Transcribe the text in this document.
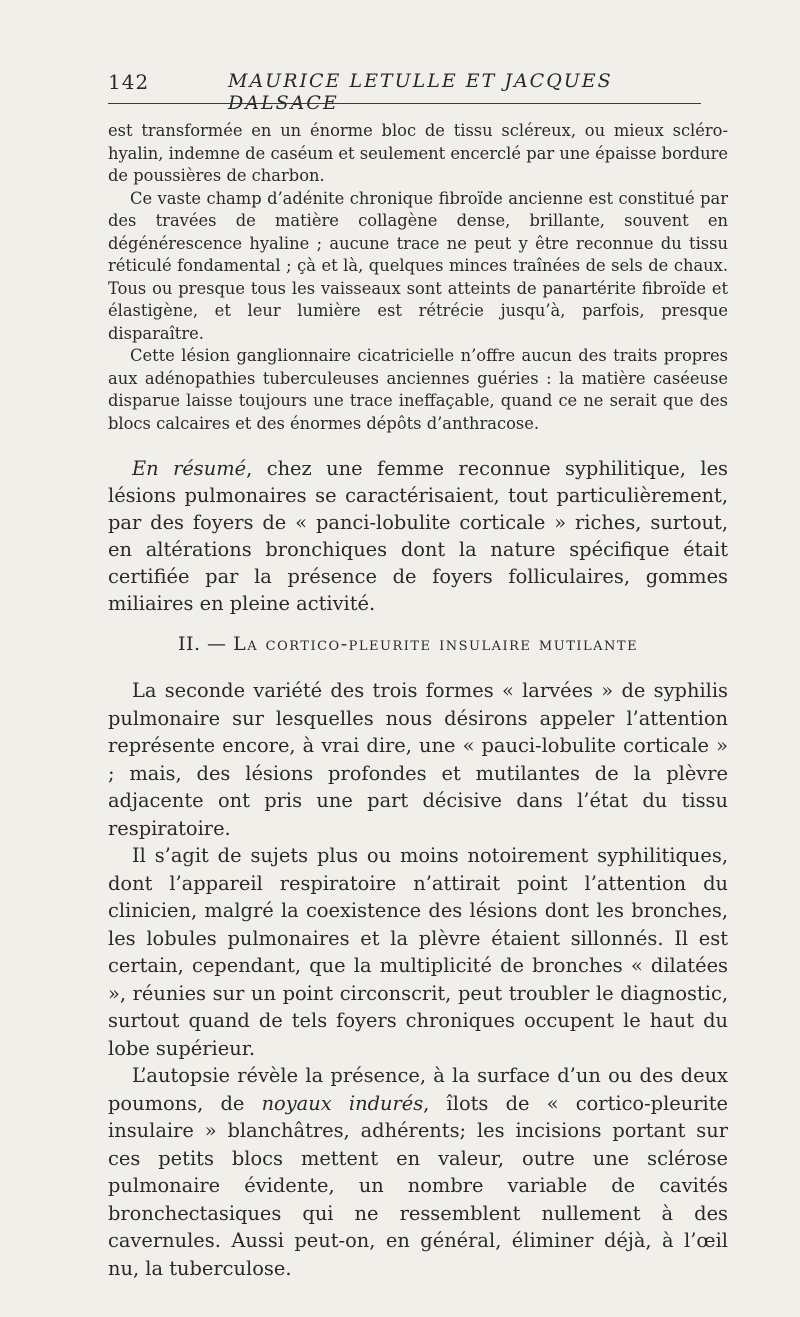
142	MAURICE LETULLE ET JACQUES DALSACE

est transformée en un énorme bloc de tissu scléreux, ou mieux scléro-hyalin, indemne de caséum et seulement encerclé par une épaisse bordure de poussières de charbon.

Ce vaste champ d’adénite chronique fibroïde ancienne est constitué par des travées de matière collagène dense, brillante, souvent en dégénérescence hyaline ; aucune trace ne peut y être reconnue du tissu réticulé fondamental ; çà et là, quelques minces traînées de sels de chaux. Tous ou presque tous les vaisseaux sont atteints de panartérite fibroïde et élastigène, et leur lumière est rétrécie jusqu’à, parfois, presque disparaître.

Cette lésion ganglionnaire cicatricielle n’offre aucun des traits propres aux adénopathies tuberculeuses anciennes guéries : la matière caséeuse disparue laisse toujours une trace ineffaçable, quand ce ne serait que des blocs calcaires et des énormes dépôts d’anthracose.

En résumé, chez une femme reconnue syphilitique, les lésions pulmonaires se caractérisaient, tout particulièrement, par des foyers de « panci-lobulite corticale » riches, surtout, en altérations bronchiques dont la nature spécifique était certifiée par la présence de foyers folliculaires, gommes miliaires en pleine activité.

II. — La cortico-pleurite insulaire mutilante

La seconde variété des trois formes « larvées » de syphilis pulmonaire sur lesquelles nous désirons appeler l’attention représente encore, à vrai dire, une « pauci-lobulite corticale » ; mais, des lésions profondes et mutilantes de la plèvre adjacente ont pris une part décisive dans l’état du tissu respiratoire.

Il s’agit de sujets plus ou moins notoirement syphilitiques, dont l’appareil respiratoire n’attirait point l’attention du clinicien, malgré la coexistence des lésions dont les bronches, les lobules pulmonaires et la plèvre étaient sillonnés. Il est certain, cependant, que la multiplicité de bronches « dilatées », réunies sur un point circonscrit, peut troubler le diagnostic, surtout quand de tels foyers chroniques occupent le haut du lobe supérieur.

L’autopsie révèle la présence, à la surface d’un ou des deux poumons, de noyaux indurés, îlots de « cortico-pleurite insulaire » blanchâtres, adhérents; les incisions portant sur ces petits blocs mettent en valeur, outre une sclérose pulmonaire évidente, un nombre variable de cavités bronchectasiques qui ne ressemblent nullement à des cavernules. Aussi peut-on, en général, éliminer déjà, à l’œil nu, la tuberculose.
